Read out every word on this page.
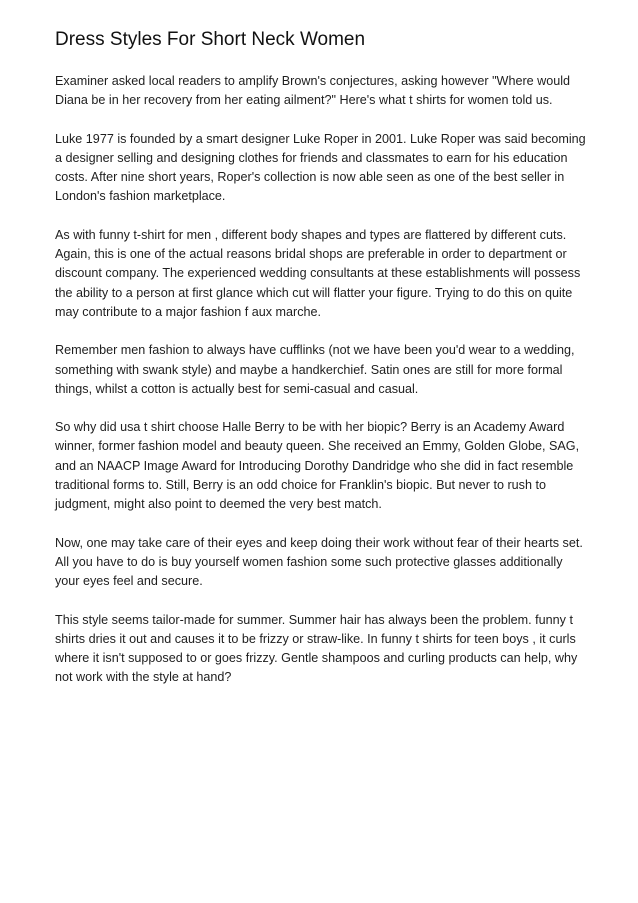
Dress Styles For Short Neck Women

Examiner asked local readers to amplify Brown's conjectures, asking however "Where would Diana be in her recovery from her eating ailment?" Here's what t shirts for women told us.

Luke 1977 is founded by a smart designer Luke Roper in 2001. Luke Roper was said becoming a designer selling and designing clothes for friends and classmates to earn for his education costs. After nine short years, Roper's collection is now able seen as one of the best seller in London's fashion marketplace.

As with funny t-shirt for men , different body shapes and types are flattered by different cuts. Again, this is one of the actual reasons bridal shops are preferable in order to department or discount company. The experienced wedding consultants at these establishments will possess the ability to a person at first glance which cut will flatter your figure. Trying to do this on quite may contribute to a major fashion f aux marche.

Remember men fashion to always have cufflinks (not we have been you'd wear to a wedding, something with swank style) and maybe a handkerchief. Satin ones are still for more formal things, whilst a cotton is actually best for semi-casual and casual.

So why did usa t shirt choose Halle Berry to be with her biopic? Berry is an Academy Award winner, former fashion model and beauty queen. She received an Emmy, Golden Globe, SAG, and an NAACP Image Award for Introducing Dorothy Dandridge who she did in fact resemble traditional forms to. Still, Berry is an odd choice for Franklin's biopic. But never to rush to judgment, might also point to deemed the very best match.

Now, one may take care of their eyes and keep doing their work without fear of their hearts set. All you have to do is buy yourself women fashion some such protective glasses additionally your eyes feel and secure.

This style seems tailor-made for summer. Summer hair has always been the problem. funny t shirts dries it out and causes it to be frizzy or straw-like. In funny t shirts for teen boys , it curls where it isn't supposed to or goes frizzy. Gentle shampoos and curling products can help, why not work with the style at hand?
